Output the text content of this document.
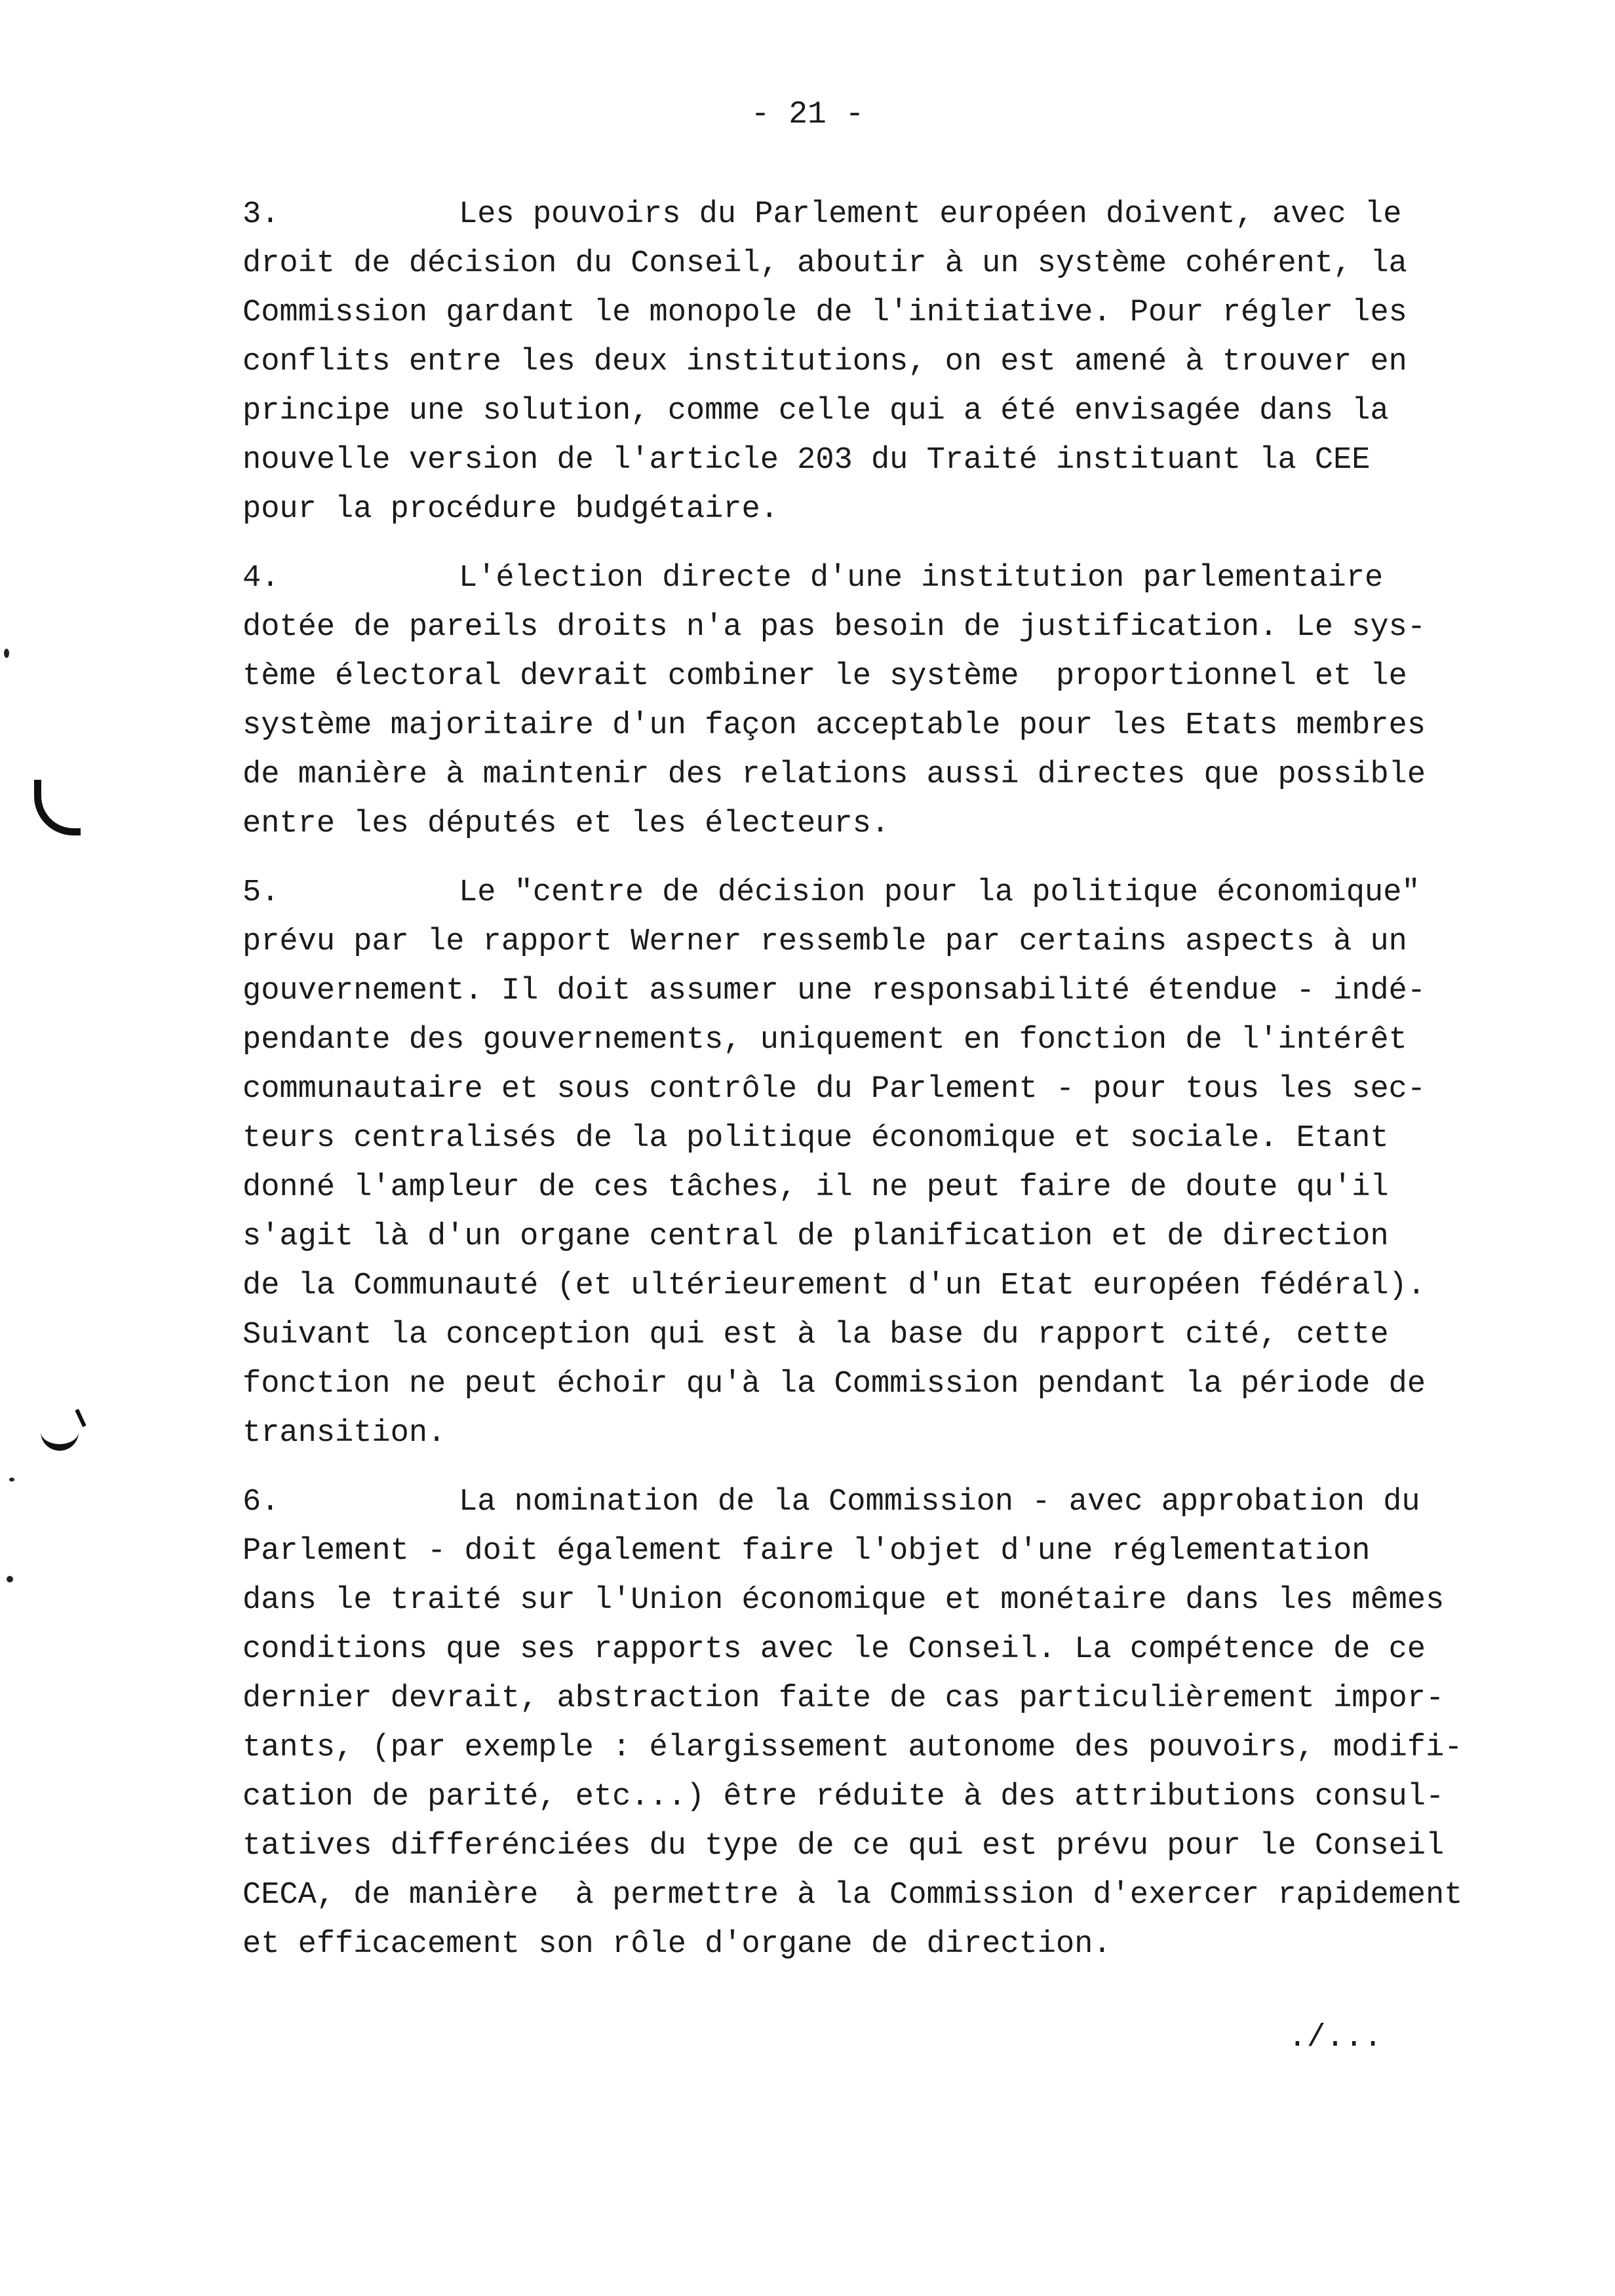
- 21 -
3.	Les pouvoirs du Parlement européen doivent, avec le
droit de décision du Conseil, aboutir à un système cohérent, la
Commission gardant le monopole de l'initiative. Pour régler les
conflits entre les deux institutions, on est amené à trouver en
principe une solution, comme celle qui a été envisagée dans la
nouvelle version de l'article 203 du Traité instituant la CEE
pour la procédure budgétaire.
4.	L'élection directe d'une institution parlementaire
dotée de pareils droits n'a pas besoin de justification. Le sys-
tème électoral devrait combiner le système  proportionnel et le
système majoritaire d'un façon acceptable pour les Etats membres
de manière à maintenir des relations aussi directes que possible
entre les députés et les électeurs.
5.	Le "centre de décision pour la politique économique"
prévu par le rapport Werner ressemble par certains aspects à un
gouvernement. Il doit assumer une responsabilité étendue - indé-
pendante des gouvernements, uniquement en fonction de l'intérêt
communautaire et sous contrôle du Parlement - pour tous les sec-
teurs centralisés de la politique économique et sociale. Etant
donné l'ampleur de ces tâches, il ne peut faire de doute qu'il
s'agit là d'un organe central de planification et de direction
de la Communauté (et ultérieurement d'un Etat européen fédéral).
Suivant la conception qui est à la base du rapport cité, cette
fonction ne peut échoir qu'à la Commission pendant la période de
transition.
6.	La nomination de la Commission - avec approbation du
Parlement - doit également faire l'objet d'une réglementation
dans le traité sur l'Union économique et monétaire dans les mêmes
conditions que ses rapports avec le Conseil. La compétence de ce
dernier devrait, abstraction faite de cas particulièrement impor-
tants, (par exemple : élargissement autonome des pouvoirs, modifi-
cation de parité, etc...) être réduite à des attributions consul-
tatives differénciées du type de ce qui est prévu pour le Conseil
CECA, de manière  à permettre à la Commission d'exercer rapidement
et efficacement son rôle d'organe de direction.
./...
